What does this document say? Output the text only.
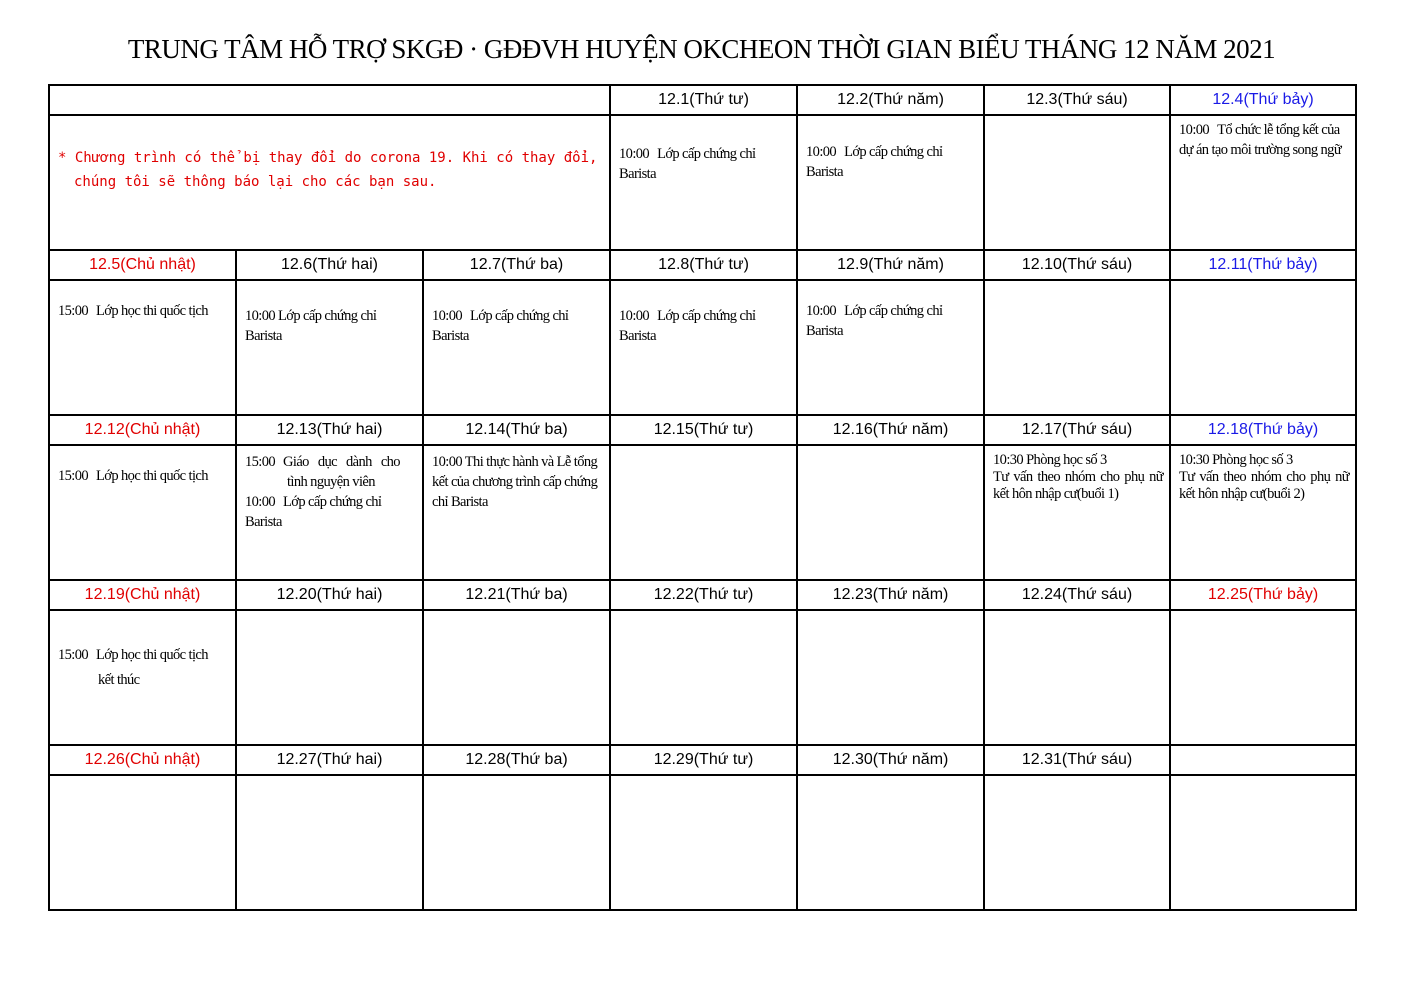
TRUNG TÂM HỖ TRỢ SKGĐ · GĐĐVH HUYỆN OKCHEON THỜI GIAN BIỂU THÁNG 12 NĂM 2021
			12.1(Thứ tư)	12.2(Thứ năm)	12.3(Thứ sáu)	12.4(Thứ bảy)

* Chương trình có thể bị thay đổi do corona 19. Khi có thay đổi,
chúng tôi sẽ thông báo lại cho các bạn sau.			10:00 Lớp cấp chứng chỉ Barista	10:00 Lớp cấp chứng chỉ Barista		10:00 Tổ chức lễ tổng kết của dự án tạo môi trường song ngữ

12.5(Chủ nhật)	12.6(Thứ hai)	12.7(Thứ ba)	12.8(Thứ tư)	12.9(Thứ năm)	12.10(Thứ sáu)	12.11(Thứ bảy)

15:00 Lớp học thi quốc tịch	10:00 Lớp cấp chứng chỉ Barista	10:00 Lớp cấp chứng chỉ Barista	10:00 Lớp cấp chứng chỉ Barista	10:00 Lớp cấp chứng chỉ Barista		

12.12(Chủ nhật)	12.13(Thứ hai)	12.14(Thứ ba)	12.15(Thứ tư)	12.16(Thứ năm)	12.17(Thứ sáu)	12.18(Thứ bảy)

15:00 Lớp học thi quốc tịch	15:00 Giáo dục dành cho
tình nguyện viên
10:00 Lớp cấp chứng chỉ Barista	10:00 Thi thực hành và Lễ tổng kết của chương trình cấp chứng chỉ Barista			10:30 Phòng học số 3
Tư vấn theo nhóm cho phụ nữ kết hôn nhập cư(buổi 1)	10:30 Phòng học số 3
Tư vấn theo nhóm cho phụ nữ kết hôn nhập cư(buổi 2)

12.19(Chủ nhật)	12.20(Thứ hai)	12.21(Thứ ba)	12.22(Thứ tư)	12.23(Thứ năm)	12.24(Thứ sáu)	12.25(Thứ bảy)

15:00 Lớp học thi quốc tịch
kết thúc						

12.26(Chủ nhật)	12.27(Thứ hai)	12.28(Thứ ba)	12.29(Thứ tư)	12.30(Thứ năm)	12.31(Thứ sáu)	
